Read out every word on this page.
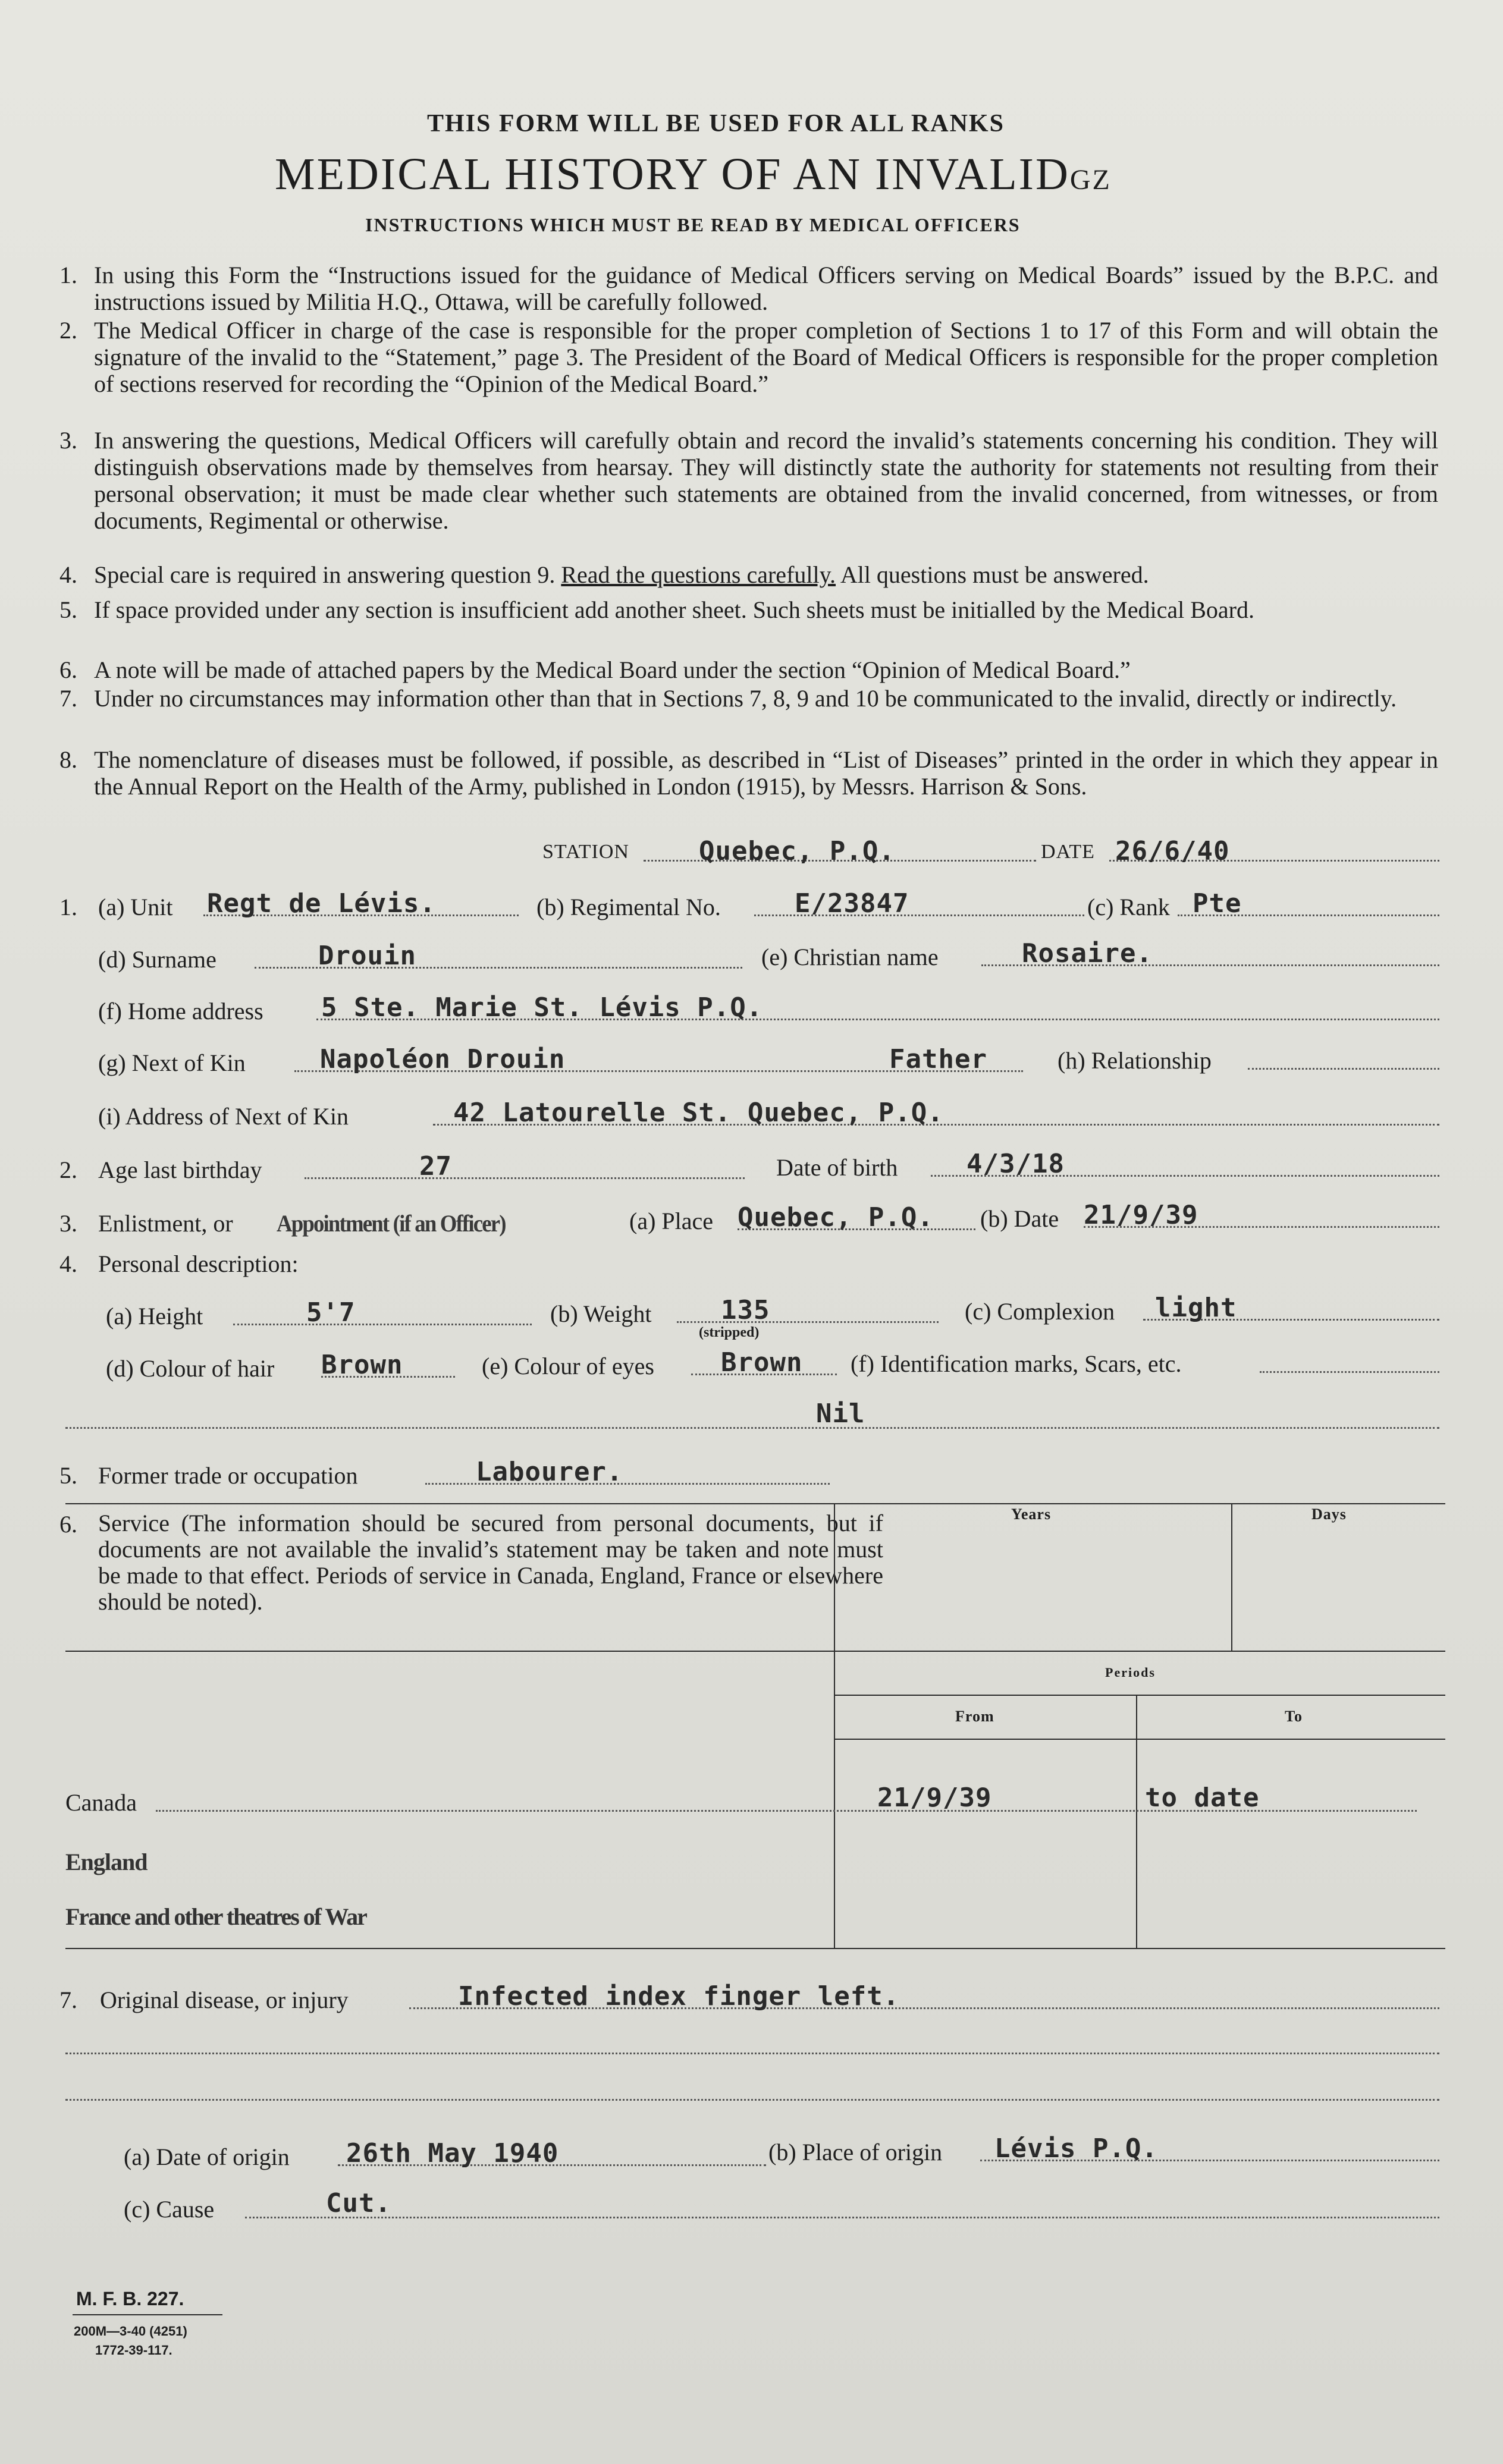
THIS FORM WILL BE USED FOR ALL RANKS
MEDICAL HISTORY OF AN INVALIDGZ
INSTRUCTIONS WHICH MUST BE READ BY MEDICAL OFFICERS
1. In using this Form the “Instructions issued for the guidance of Medical Officers serving on Medical Boards” issued by the B.P.C. and instructions issued by Militia H.Q., Ottawa, will be carefully followed.
2. The Medical Officer in charge of the case is responsible for the proper completion of Sections 1 to 17 of this Form and will obtain the signature of the invalid to the “Statement,” page 3. The President of the Board of Medical Officers is responsible for the proper completion of sections reserved for recording the “Opinion of the Medical Board.”
3. In answering the questions, Medical Officers will carefully obtain and record the invalid’s statements concerning his condition. They will distinguish observations made by themselves from hearsay. They will distinctly state the authority for statements not resulting from their personal observation; it must be made clear whether such statements are obtained from the invalid concerned, from witnesses, or from documents, Regimental or otherwise.
4. Special care is required in answering question 9. Read the questions carefully. All questions must be answered.
5. If space provided under any section is insufficient add another sheet. Such sheets must be initialled by the Medical Board.
6. A note will be made of attached papers by the Medical Board under the section “Opinion of Medical Board.”
7. Under no circumstances may information other than that in Sections 7, 8, 9 and 10 be communicated to the invalid, directly or indirectly.
8. The nomenclature of diseases must be followed, if possible, as described in “List of Diseases” printed in the order in which they appear in the Annual Report on the Health of the Army, published in London (1915), by Messrs. Harrison & Sons.
STATION	Quebec, P.Q.	DATE 26/6/40
1. (a) Unit Regt de Lévis.	(b) Regimental No.	E/23847	(c) Rank Pte
(d) Surname	Drouin	(e) Christian name	Rosaire.
(f) Home address 5 Ste. Marie St. Lévis P.Q.
(g) Next of Kin	Napoléon Drouin	Father	(h) Relationship
(i) Address of Next of Kin	42 Latourelle St. Quebec, P.Q.
2. Age last birthday	27	Date of birth	4/3/18
3. Enlistment, or Appointment (if an Officer)	(a) Place Quebec, P.Q. (b) Date 21/9/39
4. Personal description:
(a) Height	5'7	(b) Weight	135
(stripped)
(c) Complexion light
(d) Colour of hair Brown	(e) Colour of eyes	Brown (f) Identification marks, Scars, etc.
Nil
5. Former trade or occupation	Labourer.
6. Service (The information should be secured from personal documents, but if documents are not available the invalid’s statement may be taken and note must be made to that effect. Periods of service in Canada, England, France or elsewhere should be noted).
Years	Days
Periods
From	To
Canada	21/9/39	to date
England
France and other theatres of War
7. Original disease, or injury	Infected index finger left.
(a) Date of origin 26th May 1940	(b) Place of origin Lévis P.Q.
(c) Cause	Cut.
M. F. B. 227.
200M—3-40 (4251)
1772-39-117.
